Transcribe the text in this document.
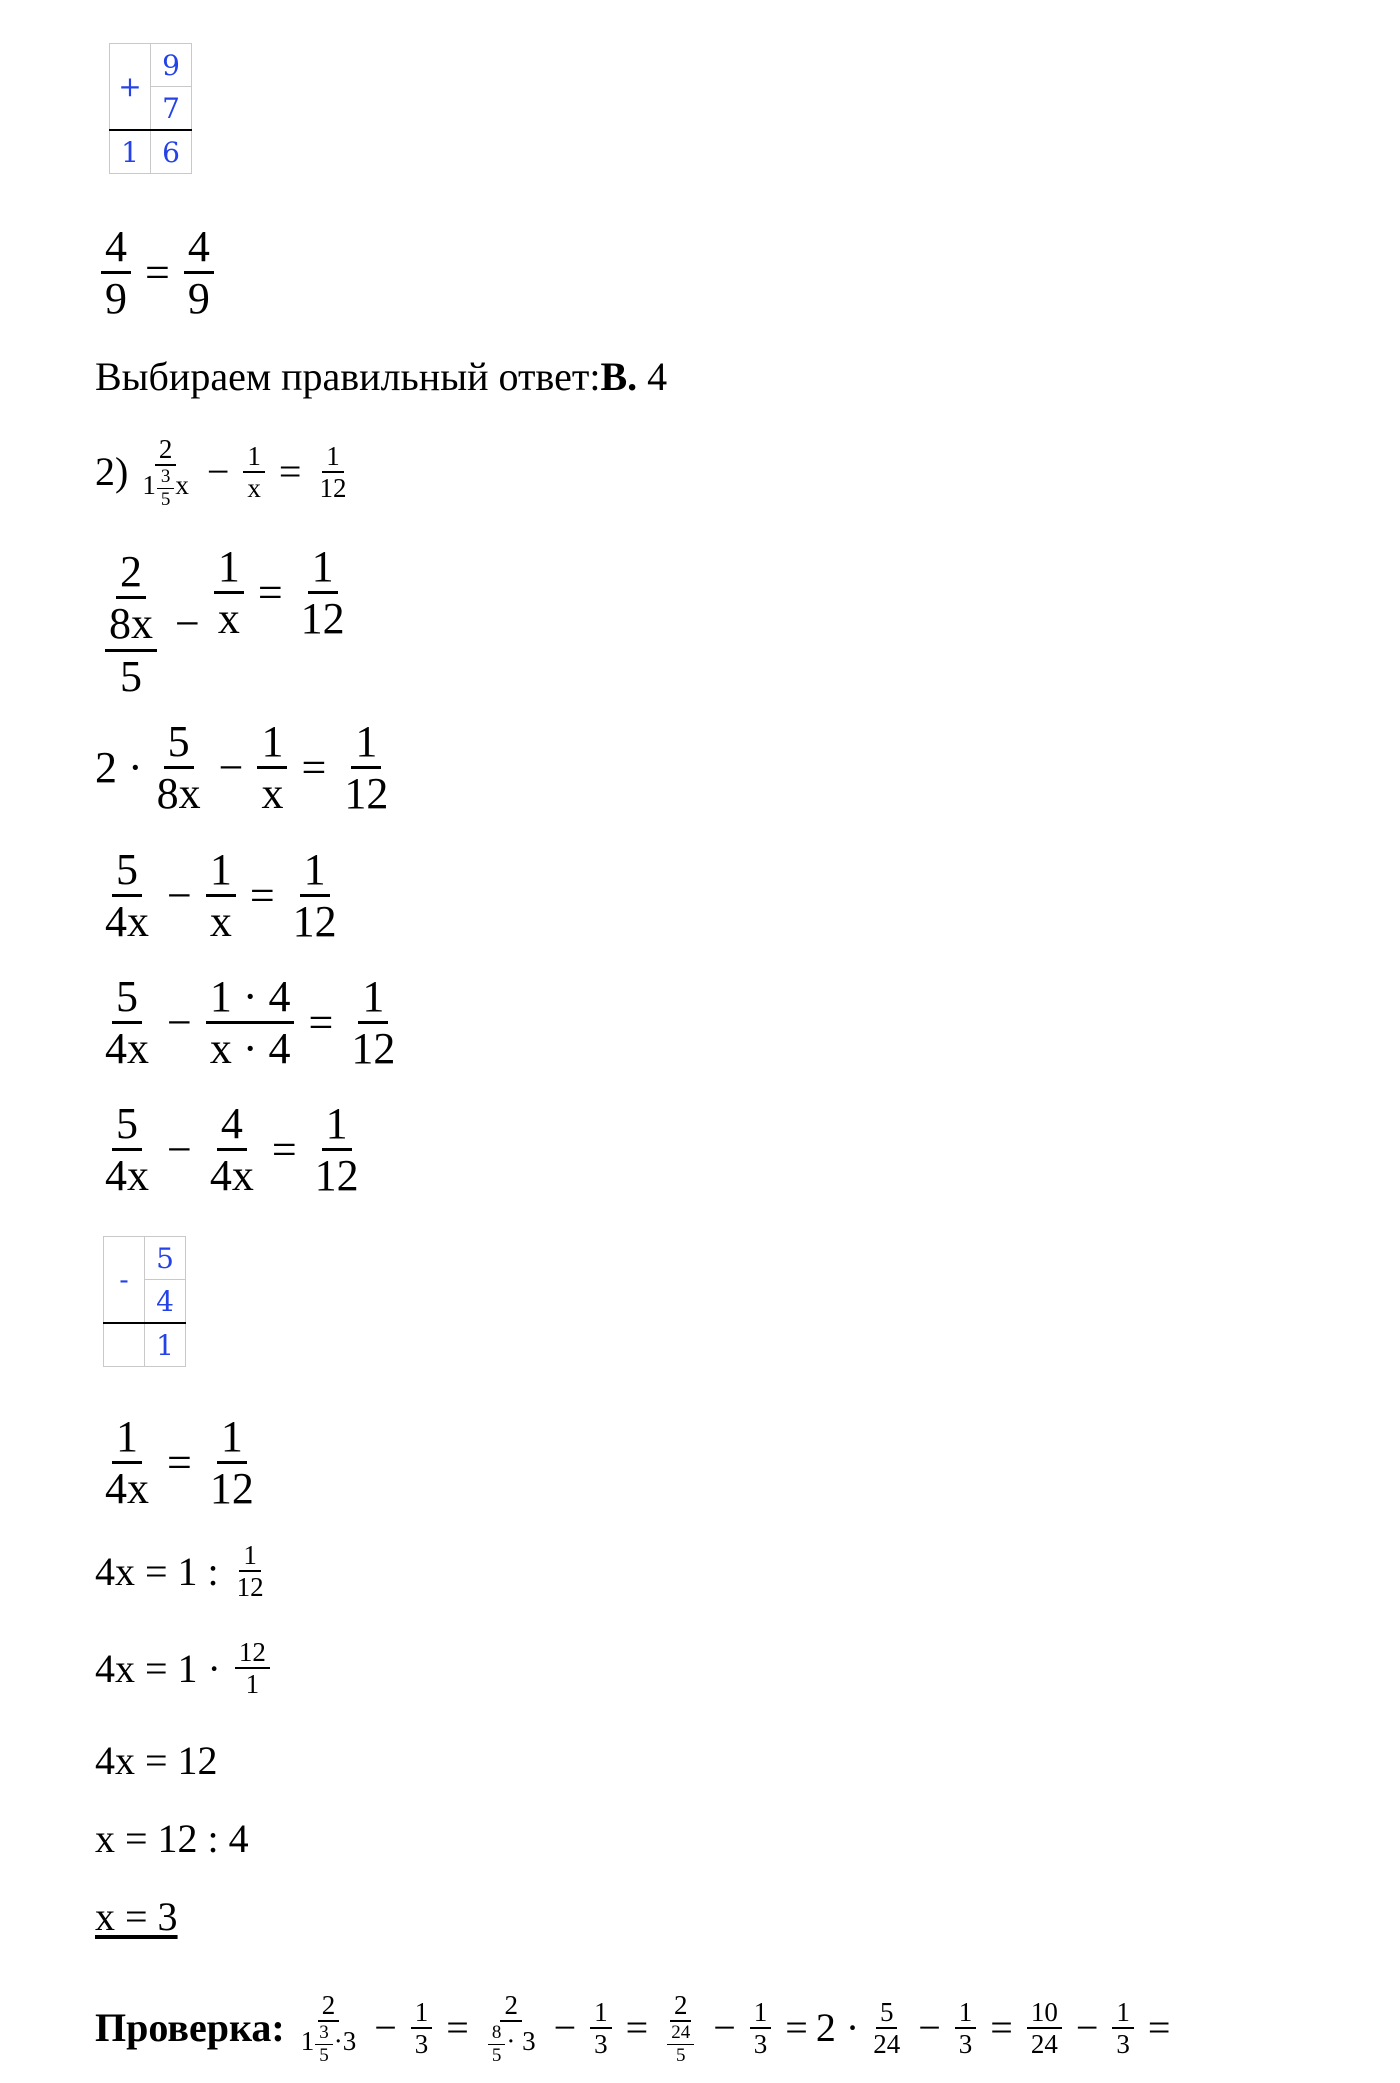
+	9
	7
1	6
$\frac{4}{9} = \frac{4}{9}$
Выбираем правильный ответ: В. 4
$2) \frac{2}{1 \frac{3}{5} x} - \frac{1}{x} = \frac{1}{12}$
$\frac{2}{\frac{8x}{5}} - \frac{1}{x} = \frac{1}{12}$
$2 \cdot \frac{5}{8x} - \frac{1}{x} = \frac{1}{12}$
$\frac{5}{4x} - \frac{1}{x} = \frac{1}{12}$
$\frac{5}{4x} - \frac{1 \cdot 4}{x \cdot 4} = \frac{1}{12}$
$\frac{5}{4x} - \frac{4}{4x} = \frac{1}{12}$
-	5
	4
	1
$\frac{1}{4x} = \frac{1}{12}$
4x = 1 : $\frac{1}{12}$
$4x = 1 \cdot \frac{12}{1}$
4x = 12
x = 12 : 4
x = 3
Проверка: $\frac{2}{1 \frac{3}{5} \cdot 3} - \frac{1}{3} = \frac{2}{\frac{8}{5} \cdot 3} - \frac{1}{3} = \frac{2}{\frac{24}{5}} - \frac{1}{3} = 2 \cdot \frac{5}{24} - \frac{1}{3} = \frac{10}{24} - \frac{1}{3}$ =
